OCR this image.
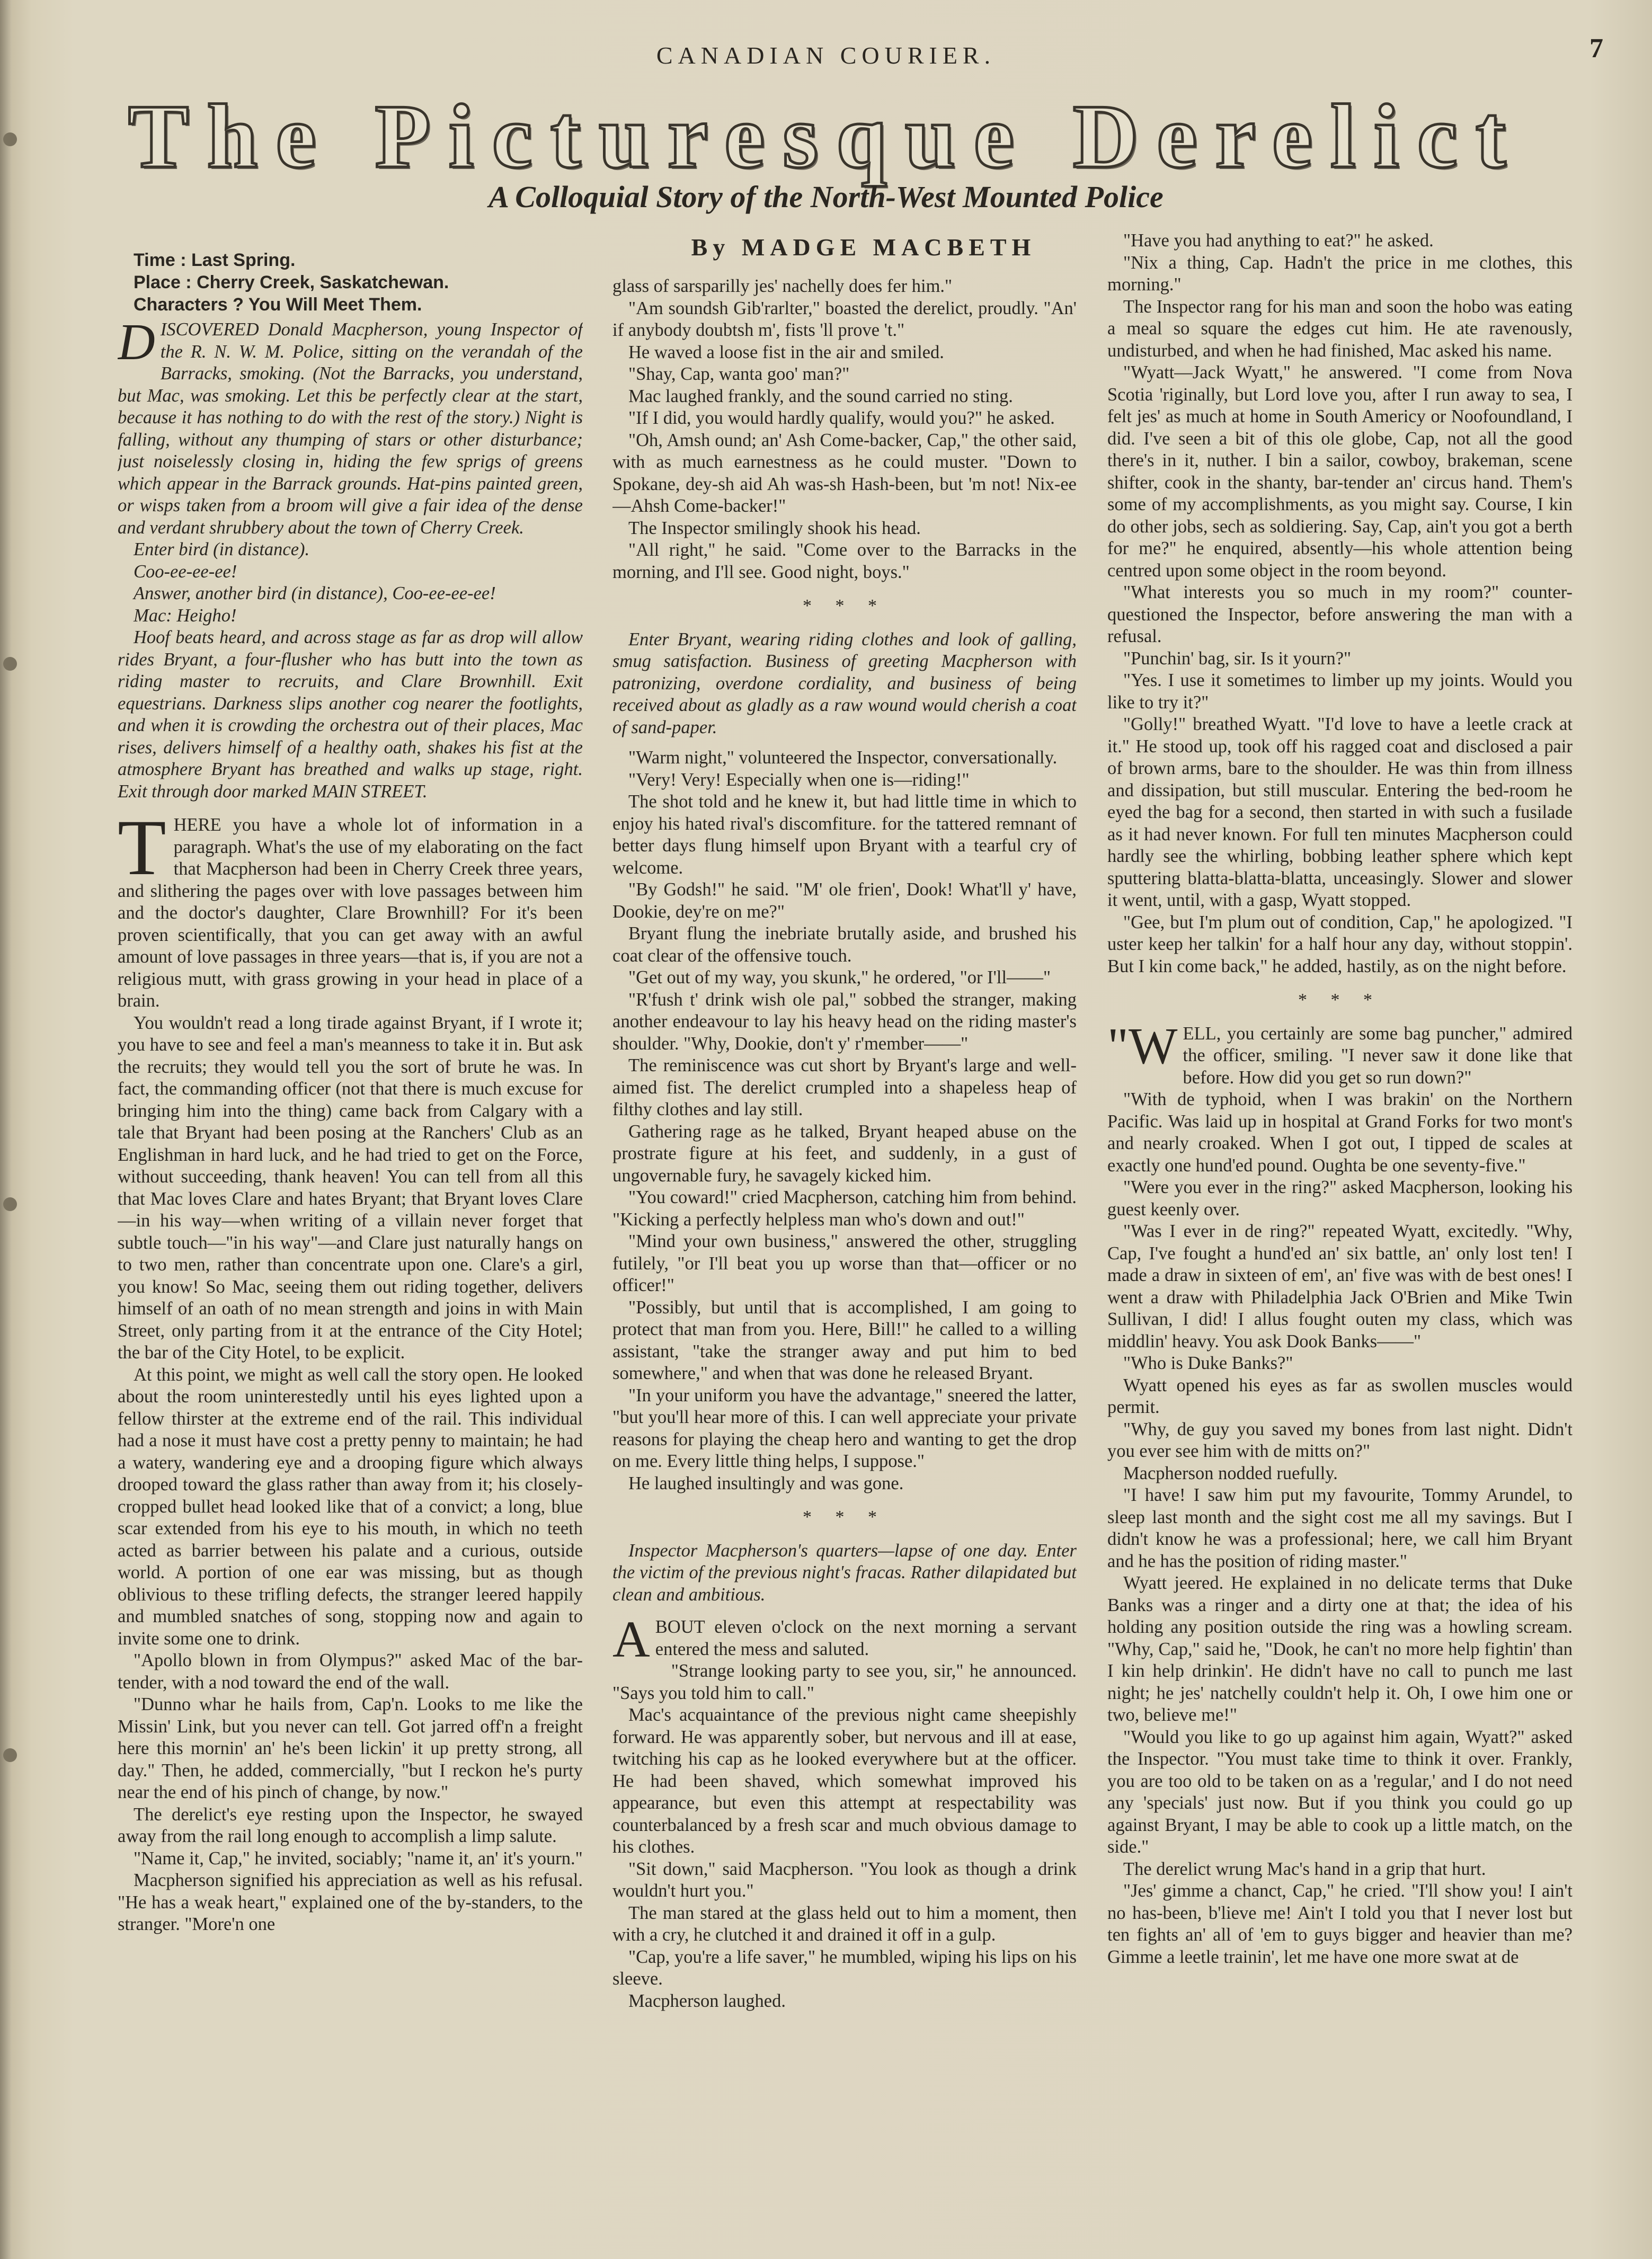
CANADIAN COURIER.	7
The Picturesque Derelict
A Colloquial Story of the North-West Mounted Police
By MADGE MACBETH

Time : Last Spring.

Place : Cherry Creek, Saskatchewan.

Characters ? You Will Meet Them.

DISCOVERED Donald Macpherson, young Inspector of the R. N. W. M. Police, sitting on the verandah of the Barracks, smoking. (Not the Barracks, you understand, but Mac, was smoking. Let this be perfectly clear at the start, because it has nothing to do with the rest of the story.) Night is falling, without any thumping of stars or other disturbance; just noiselessly closing in, hiding the few sprigs of greens which appear in the Barrack grounds. Hat-pins painted green, or wisps taken from a broom will give a fair idea of the dense and verdant shrubbery about the town of Cherry Creek.

Enter bird (in distance).

Coo-ee-ee-ee!

Answer, another bird (in distance), Coo-ee-ee-ee!

Mac: Heigho!

Hoof beats heard, and across stage as far as drop will allow rides Bryant, a four-flusher who has butt into the town as riding master to recruits, and Clare Brownhill. Exit equestrians. Darkness slips another cog nearer the footlights, and when it is crowding the orchestra out of their places, Mac rises, delivers himself of a healthy oath, shakes his fist at the atmosphere Bryant has breathed and walks up stage, right. Exit through door marked MAIN STREET.

THERE you have a whole lot of information in a paragraph. What's the use of my elaborating on the fact that Macpherson had been in Cherry Creek three years, and slithering the pages over with love passages between him and the doctor's daughter, Clare Brownhill? For it's been proven scientifically, that you can get away with an awful amount of love passages in three years—that is, if you are not a religious mutt, with grass growing in your head in place of a brain.

You wouldn't read a long tirade against Bryant, if I wrote it; you have to see and feel a man's meanness to take it in. But ask the recruits; they would tell you the sort of brute he was. In fact, the commanding officer (not that there is much excuse for bringing him into the thing) came back from Calgary with a tale that Bryant had been posing at the Ranchers' Club as an Englishman in hard luck, and he had tried to get on the Force, without succeeding, thank heaven! You can tell from all this that Mac loves Clare and hates Bryant; that Bryant loves Clare—in his way—when writing of a villain never forget that subtle touch—"in his way"—and Clare just naturally hangs on to two men, rather than concentrate upon one. Clare's a girl, you know! So Mac, seeing them out riding together, delivers himself of an oath of no mean strength and joins in with Main Street, only parting from it at the entrance of the City Hotel; the bar of the City Hotel, to be explicit.

At this point, we might as well call the story open. He looked about the room uninterestedly until his eyes lighted upon a fellow thirster at the extreme end of the rail. This individual had a nose it must have cost a pretty penny to maintain; he had a watery, wandering eye and a drooping figure which always drooped toward the glass rather than away from it; his closely-cropped bullet head looked like that of a convict; a long, blue scar extended from his eye to his mouth, in which no teeth acted as barrier between his palate and a curious, outside world. A portion of one ear was missing, but as though oblivious to these trifling defects, the stranger leered happily and mumbled snatches of song, stopping now and again to invite some one to drink.

"Apollo blown in from Olympus?" asked Mac of the bar-tender, with a nod toward the end of the wall.

"Dunno whar he hails from, Cap'n. Looks to me like the Missin' Link, but you never can tell. Got jarred off'n a freight here this mornin' an' he's been lickin' it up pretty strong, all day." Then, he added, commercially, "but I reckon he's purty near the end of his pinch of change, by now."

The derelict's eye resting upon the Inspector, he swayed away from the rail long enough to accomplish a limp salute.

"Name it, Cap," he invited, sociably; "name it, an' it's yourn."

Macpherson signified his appreciation as well as his refusal. "He has a weak heart," explained one of the by-standers, to the stranger. "More'n one

glass of sarsparilly jes' nachelly does fer him."

"Am soundsh Gib'rarlter," boasted the derelict, proudly. "An' if anybody doubtsh m', fists 'll prove 't."

He waved a loose fist in the air and smiled.

"Shay, Cap, wanta goo' man?"

Mac laughed frankly, and the sound carried no sting.

"If I did, you would hardly qualify, would you?" he asked.

"Oh, Amsh ound; an' Ash Come-backer, Cap," the other said, with as much earnestness as he could muster. "Down to Spokane, dey-sh aid Ah was-sh Hash-been, but 'm not! Nix-ee—Ahsh Come-backer!"

The Inspector smilingly shook his head.

"All right," he said. "Come over to the Barracks in the morning, and I'll see. Good night, boys."

* * *

Enter Bryant, wearing riding clothes and look of galling, smug satisfaction. Business of greeting Macpherson with patronizing, overdone cordiality, and business of being received about as gladly as a raw wound would cherish a coat of sand-paper.

"Warm night," volunteered the Inspector, conversationally.

"Very! Very! Especially when one is—riding!"

The shot told and he knew it, but had little time in which to enjoy his hated rival's discomfiture. for the tattered remnant of better days flung himself upon Bryant with a tearful cry of welcome.

"By Godsh!" he said. "M' ole frien', Dook! What'll y' have, Dookie, dey're on me?"

Bryant flung the inebriate brutally aside, and brushed his coat clear of the offensive touch.

"Get out of my way, you skunk," he ordered, "or I'll——"

"R'fush t' drink wish ole pal," sobbed the stranger, making another endeavour to lay his heavy head on the riding master's shoulder. "Why, Dookie, don't y' r'member——"

The reminiscence was cut short by Bryant's large and well-aimed fist. The derelict crumpled into a shapeless heap of filthy clothes and lay still.

Gathering rage as he talked, Bryant heaped abuse on the prostrate figure at his feet, and suddenly, in a gust of ungovernable fury, he savagely kicked him.

"You coward!" cried Macpherson, catching him from behind. "Kicking a perfectly helpless man who's down and out!"

"Mind your own business," answered the other, struggling futilely, "or I'll beat you up worse than that—officer or no officer!"

"Possibly, but until that is accomplished, I am going to protect that man from you. Here, Bill!" he called to a willing assistant, "take the stranger away and put him to bed somewhere," and when that was done he released Bryant.

"In your uniform you have the advantage," sneered the latter, "but you'll hear more of this. I can well appreciate your private reasons for playing the cheap hero and wanting to get the drop on me. Every little thing helps, I suppose."

He laughed insultingly and was gone.

* * *

Inspector Macpherson's quarters—lapse of one day. Enter the victim of the previous night's fracas. Rather dilapidated but clean and ambitious.

ABOUT eleven o'clock on the next morning a servant entered the mess and saluted.

"Strange looking party to see you, sir," he announced. "Says you told him to call."

Mac's acquaintance of the previous night came sheepishly forward. He was apparently sober, but nervous and ill at ease, twitching his cap as he looked everywhere but at the officer. He had been shaved, which somewhat improved his appearance, but even this attempt at respectability was counterbalanced by a fresh scar and much obvious damage to his clothes.

"Sit down," said Macpherson. "You look as though a drink wouldn't hurt you."

The man stared at the glass held out to him a moment, then with a cry, he clutched it and drained it off in a gulp.

"Cap, you're a life saver," he mumbled, wiping his lips on his sleeve.

Macpherson laughed.

"Have you had anything to eat?" he asked.

"Nix a thing, Cap. Hadn't the price in me clothes, this morning."

The Inspector rang for his man and soon the hobo was eating a meal so square the edges cut him. He ate ravenously, undisturbed, and when he had finished, Mac asked his name.

"Wyatt—Jack Wyatt," he answered. "I come from Nova Scotia 'riginally, but Lord love you, after I run away to sea, I felt jes' as much at home in South Americy or Noofoundland, I did. I've seen a bit of this ole globe, Cap, not all the good there's in it, nuther. I bin a sailor, cowboy, brakeman, scene shifter, cook in the shanty, bar-tender an' circus hand. Them's some of my accomplishments, as you might say. Course, I kin do other jobs, sech as soldiering. Say, Cap, ain't you got a berth for me?" he enquired, absently—his whole attention being centred upon some object in the room beyond.

"What interests you so much in my room?" counter-questioned the Inspector, before answering the man with a refusal.

"Punchin' bag, sir. Is it yourn?"

"Yes. I use it sometimes to limber up my joints. Would you like to try it?"

"Golly!" breathed Wyatt. "I'd love to have a leetle crack at it." He stood up, took off his ragged coat and disclosed a pair of brown arms, bare to the shoulder. He was thin from illness and dissipation, but still muscular. Entering the bed-room he eyed the bag for a second, then started in with such a fusilade as it had never known. For full ten minutes Macpherson could hardly see the whirling, bobbing leather sphere which kept sputtering blatta-blatta-blatta, unceasingly. Slower and slower it went, until, with a gasp, Wyatt stopped.

"Gee, but I'm plum out of condition, Cap," he apologized. "I uster keep her talkin' for a half hour any day, without stoppin'. But I kin come back," he added, hastily, as on the night before.

* * *

"WELL, you certainly are some bag puncher," admired the officer, smiling. "I never saw it done like that before. How did you get so run down?"

"With de typhoid, when I was brakin' on the Northern Pacific. Was laid up in hospital at Grand Forks for two mont's and nearly croaked. When I got out, I tipped de scales at exactly one hund'ed pound. Oughta be one seventy-five."

"Were you ever in the ring?" asked Macpherson, looking his guest keenly over.

"Was I ever in de ring?" repeated Wyatt, excitedly. "Why, Cap, I've fought a hund'ed an' six battle, an' only lost ten! I made a draw in sixteen of em', an' five was with de best ones! I went a draw with Philadelphia Jack O'Brien and Mike Twin Sullivan, I did! I allus fought outen my class, which was middlin' heavy. You ask Dook Banks——"

"Who is Duke Banks?"

Wyatt opened his eyes as far as swollen muscles would permit.

"Why, de guy you saved my bones from last night. Didn't you ever see him with de mitts on?"

Macpherson nodded ruefully.

"I have! I saw him put my favourite, Tommy Arundel, to sleep last month and the sight cost me all my savings. But I didn't know he was a professional; here, we call him Bryant and he has the position of riding master."

Wyatt jeered. He explained in no delicate terms that Duke Banks was a ringer and a dirty one at that; the idea of his holding any position outside the ring was a howling scream. "Why, Cap," said he, "Dook, he can't no more help fightin' than I kin help drinkin'. He didn't have no call to punch me last night; he jes' natchelly couldn't help it. Oh, I owe him one or two, believe me!"

"Would you like to go up against him again, Wyatt?" asked the Inspector. "You must take time to think it over. Frankly, you are too old to be taken on as a 'regular,' and I do not need any 'specials' just now. But if you think you could go up against Bryant, I may be able to cook up a little match, on the side."

The derelict wrung Mac's hand in a grip that hurt.

"Jes' gimme a chanct, Cap," he cried. "I'll show you! I ain't no has-been, b'lieve me! Ain't I told you that I never lost but ten fights an' all of 'em to guys bigger and heavier than me? Gimme a leetle trainin', let me have one more swat at de
